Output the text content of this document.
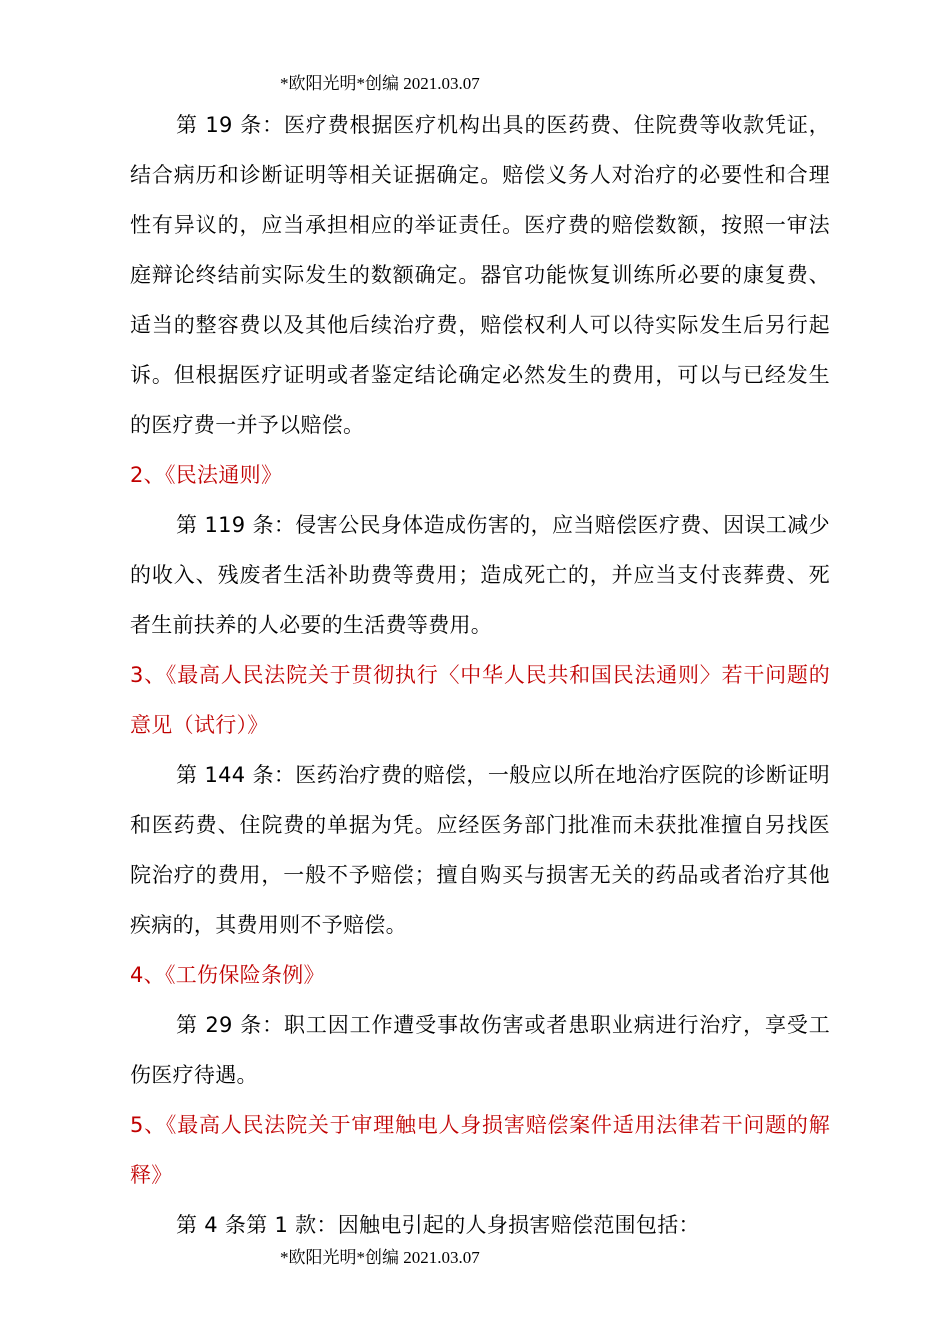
*欧阳光明*创编 2021.03.07

第 19 条：医疗费根据医疗机构出具的医药费、住院费等收款凭证，结合病历和诊断证明等相关证据确定。赔偿义务人对治疗的必要性和合理性有异议的，应当承担相应的举证责任。医疗费的赔偿数额，按照一审法庭辩论终结前实际发生的数额确定。器官功能恢复训练所必要的康复费、适当的整容费以及其他后续治疗费，赔偿权利人可以待实际发生后另行起诉。但根据医疗证明或者鉴定结论确定必然发生的费用，可以与已经发生的医疗费一并予以赔偿。

2、《民法通则》

第 119 条：侵害公民身体造成伤害的，应当赔偿医疗费、因误工减少的收入、残废者生活补助费等费用；造成死亡的，并应当支付丧葬费、死者生前扶养的人必要的生活费等费用。

3、《最高人民法院关于贯彻执行〈中华人民共和国民法通则〉若干问题的意见（试行）》

第 144 条：医药治疗费的赔偿，一般应以所在地治疗医院的诊断证明和医药费、住院费的单据为凭。应经医务部门批准而未获批准擅自另找医院治疗的费用，一般不予赔偿；擅自购买与损害无关的药品或者治疗其他疾病的，其费用则不予赔偿。

4、《工伤保险条例》

第 29 条：职工因工作遭受事故伤害或者患职业病进行治疗，享受工伤医疗待遇。

5、《最高人民法院关于审理触电人身损害赔偿案件适用法律若干问题的解释》

第 4 条第 1 款：因触电引起的人身损害赔偿范围包括：

*欧阳光明*创编 2021.03.07
